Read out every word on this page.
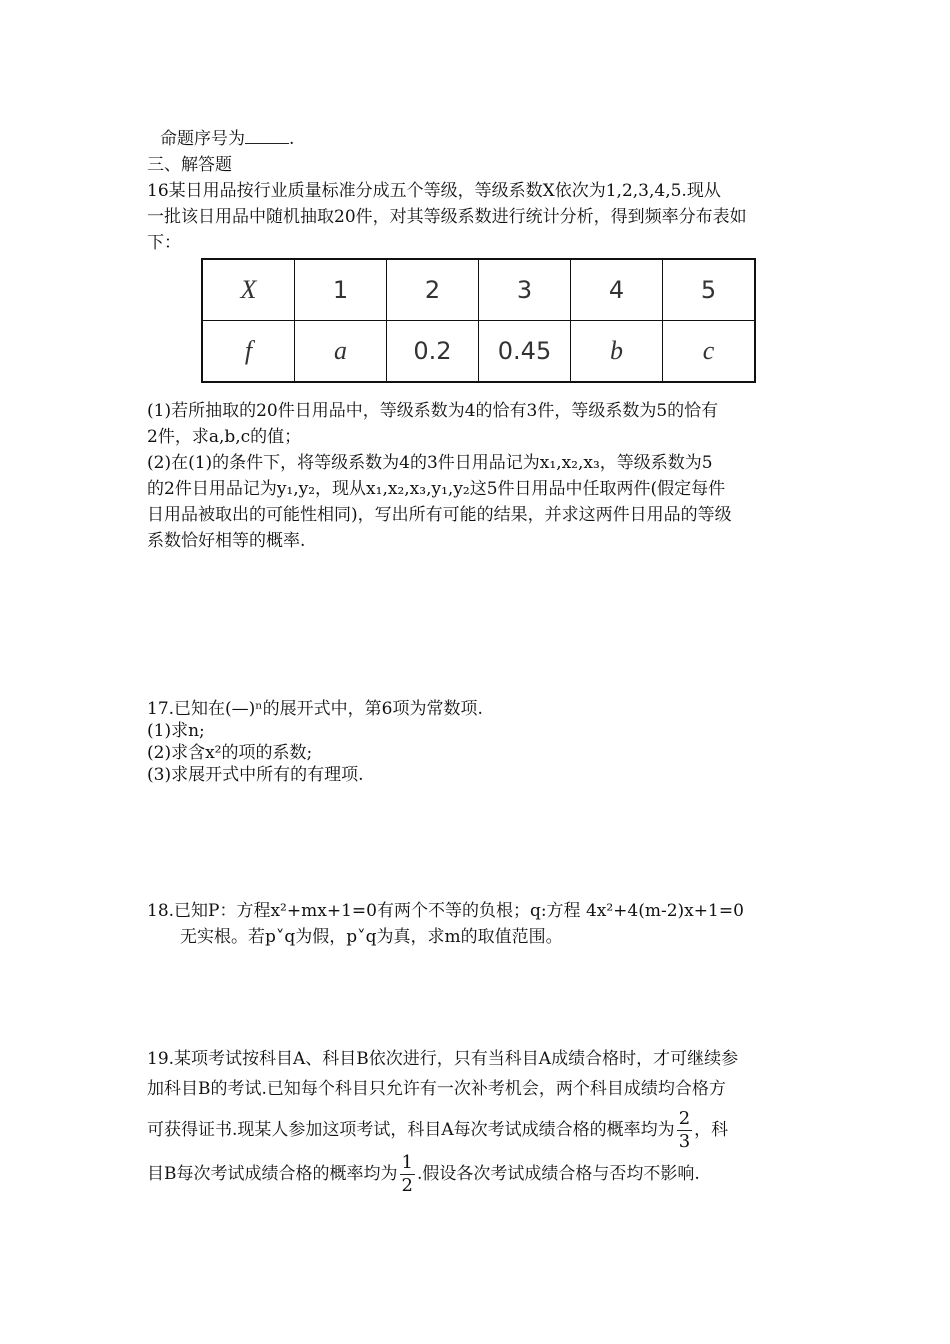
命题序号为	.
三、解答题
16某日用品按行业质量标准分成五个等级，等级系数X依次为1,2,3,4,5.现从
一批该日用品中随机抽取20件，对其等级系数进行统计分析，得到频率分布表如
下：
X	1	2	3	4	5
f	a	0.2	0.45	b	c
(1)若所抽取的20件日用品中，等级系数为4的恰有3件，等级系数为5的恰有
2件，求a,b,c的值；
(2)在(1)的条件下，将等级系数为4的3件日用品记为x₁,x₂,x₃，等级系数为5
的2件日用品记为y₁,y₂，现从x₁,x₂,x₃,y₁,y₂这5件日用品中任取两件(假定每件
日用品被取出的可能性相同)，写出所有可能的结果，并求这两件日用品的等级
系数恰好相等的概率.
17.已知在(—)ⁿ的展开式中，第6项为常数项.
(1)求n;
(2)求含x²的项的系数;
(3)求展开式中所有的有理项.
18.已知P：方程x²+mx+1=0有两个不等的负根；q:方程 4x²+4(m-2)x+1=0
无实根。若p˅q为假，p˅q为真，求m的取值范围。
19.某项考试按科目A、科目B依次进行，只有当科目A成绩合格时，才可继续参
加科目B的考试.已知每个科目只允许有一次补考机会，两个科目成绩均合格方
可获得证书.现某人参加这项考试，科目A每次考试成绩合格的概率均为 $\frac{2}{3}$ ，科
目B每次考试成绩合格的概率均为 $\frac{1}{2}$ .假设各次考试成绩合格与否均不影响.
